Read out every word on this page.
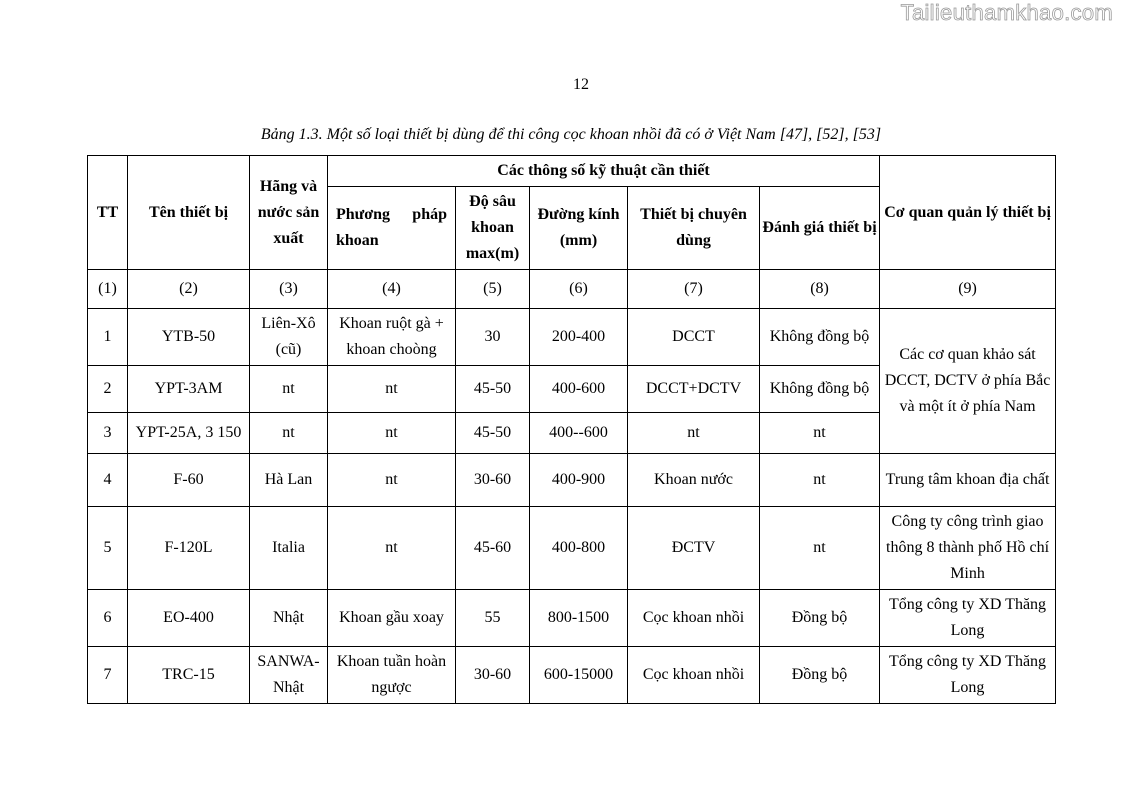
Tailieuthamkhao.com
12
Bảng 1.3. Một số loại thiết bị dùng để thi công cọc khoan nhồi đã có ở Việt Nam [47], [52], [53]
TT	Tên thiết bị	Hãng và nước sản xuất	Các thông số kỹ thuật cần thiết					Cơ quan quản lý thiết bị

			Phương pháp khoan	Độ sâu khoan max(m)	Đường kính (mm)	Thiết bị chuyên dùng	Đánh giá thiết bị	
(1)	(2)	(3)	(4)	(5)	(6)	(7)	(8)	(9)
1	YTB-50	Liên-Xô (cũ)	Khoan ruột gà + khoan choòng	30	200-400	DCCT	Không đồng bộ	Các cơ quan khảo sát DCCT, DCTV ở phía Bắc và một ít ở phía Nam
2	YPT-3AM	nt	nt	45-50	400-600	DCCT+DCTV	Không đồng bộ	
3	YPT-25A, 3 150	nt	nt	45-50	400--600	nt	nt	
4	F-60	Hà Lan	nt	30-60	400-900	Khoan nước	nt	Trung tâm khoan địa chất
5	F-120L	Italia	nt	45-60	400-800	ĐCTV	nt	Công ty công trình giao thông 8 thành phố Hồ chí Minh
6	EO-400	Nhật	Khoan gầu xoay	55	800-1500	Cọc khoan nhồi	Đồng bộ	Tổng công ty XD Thăng Long
7	TRC-15	SANWA-Nhật	Khoan tuần hoàn ngược	30-60	600-15000	Cọc khoan nhồi	Đồng bộ	Tổng công ty XD Thăng Long
